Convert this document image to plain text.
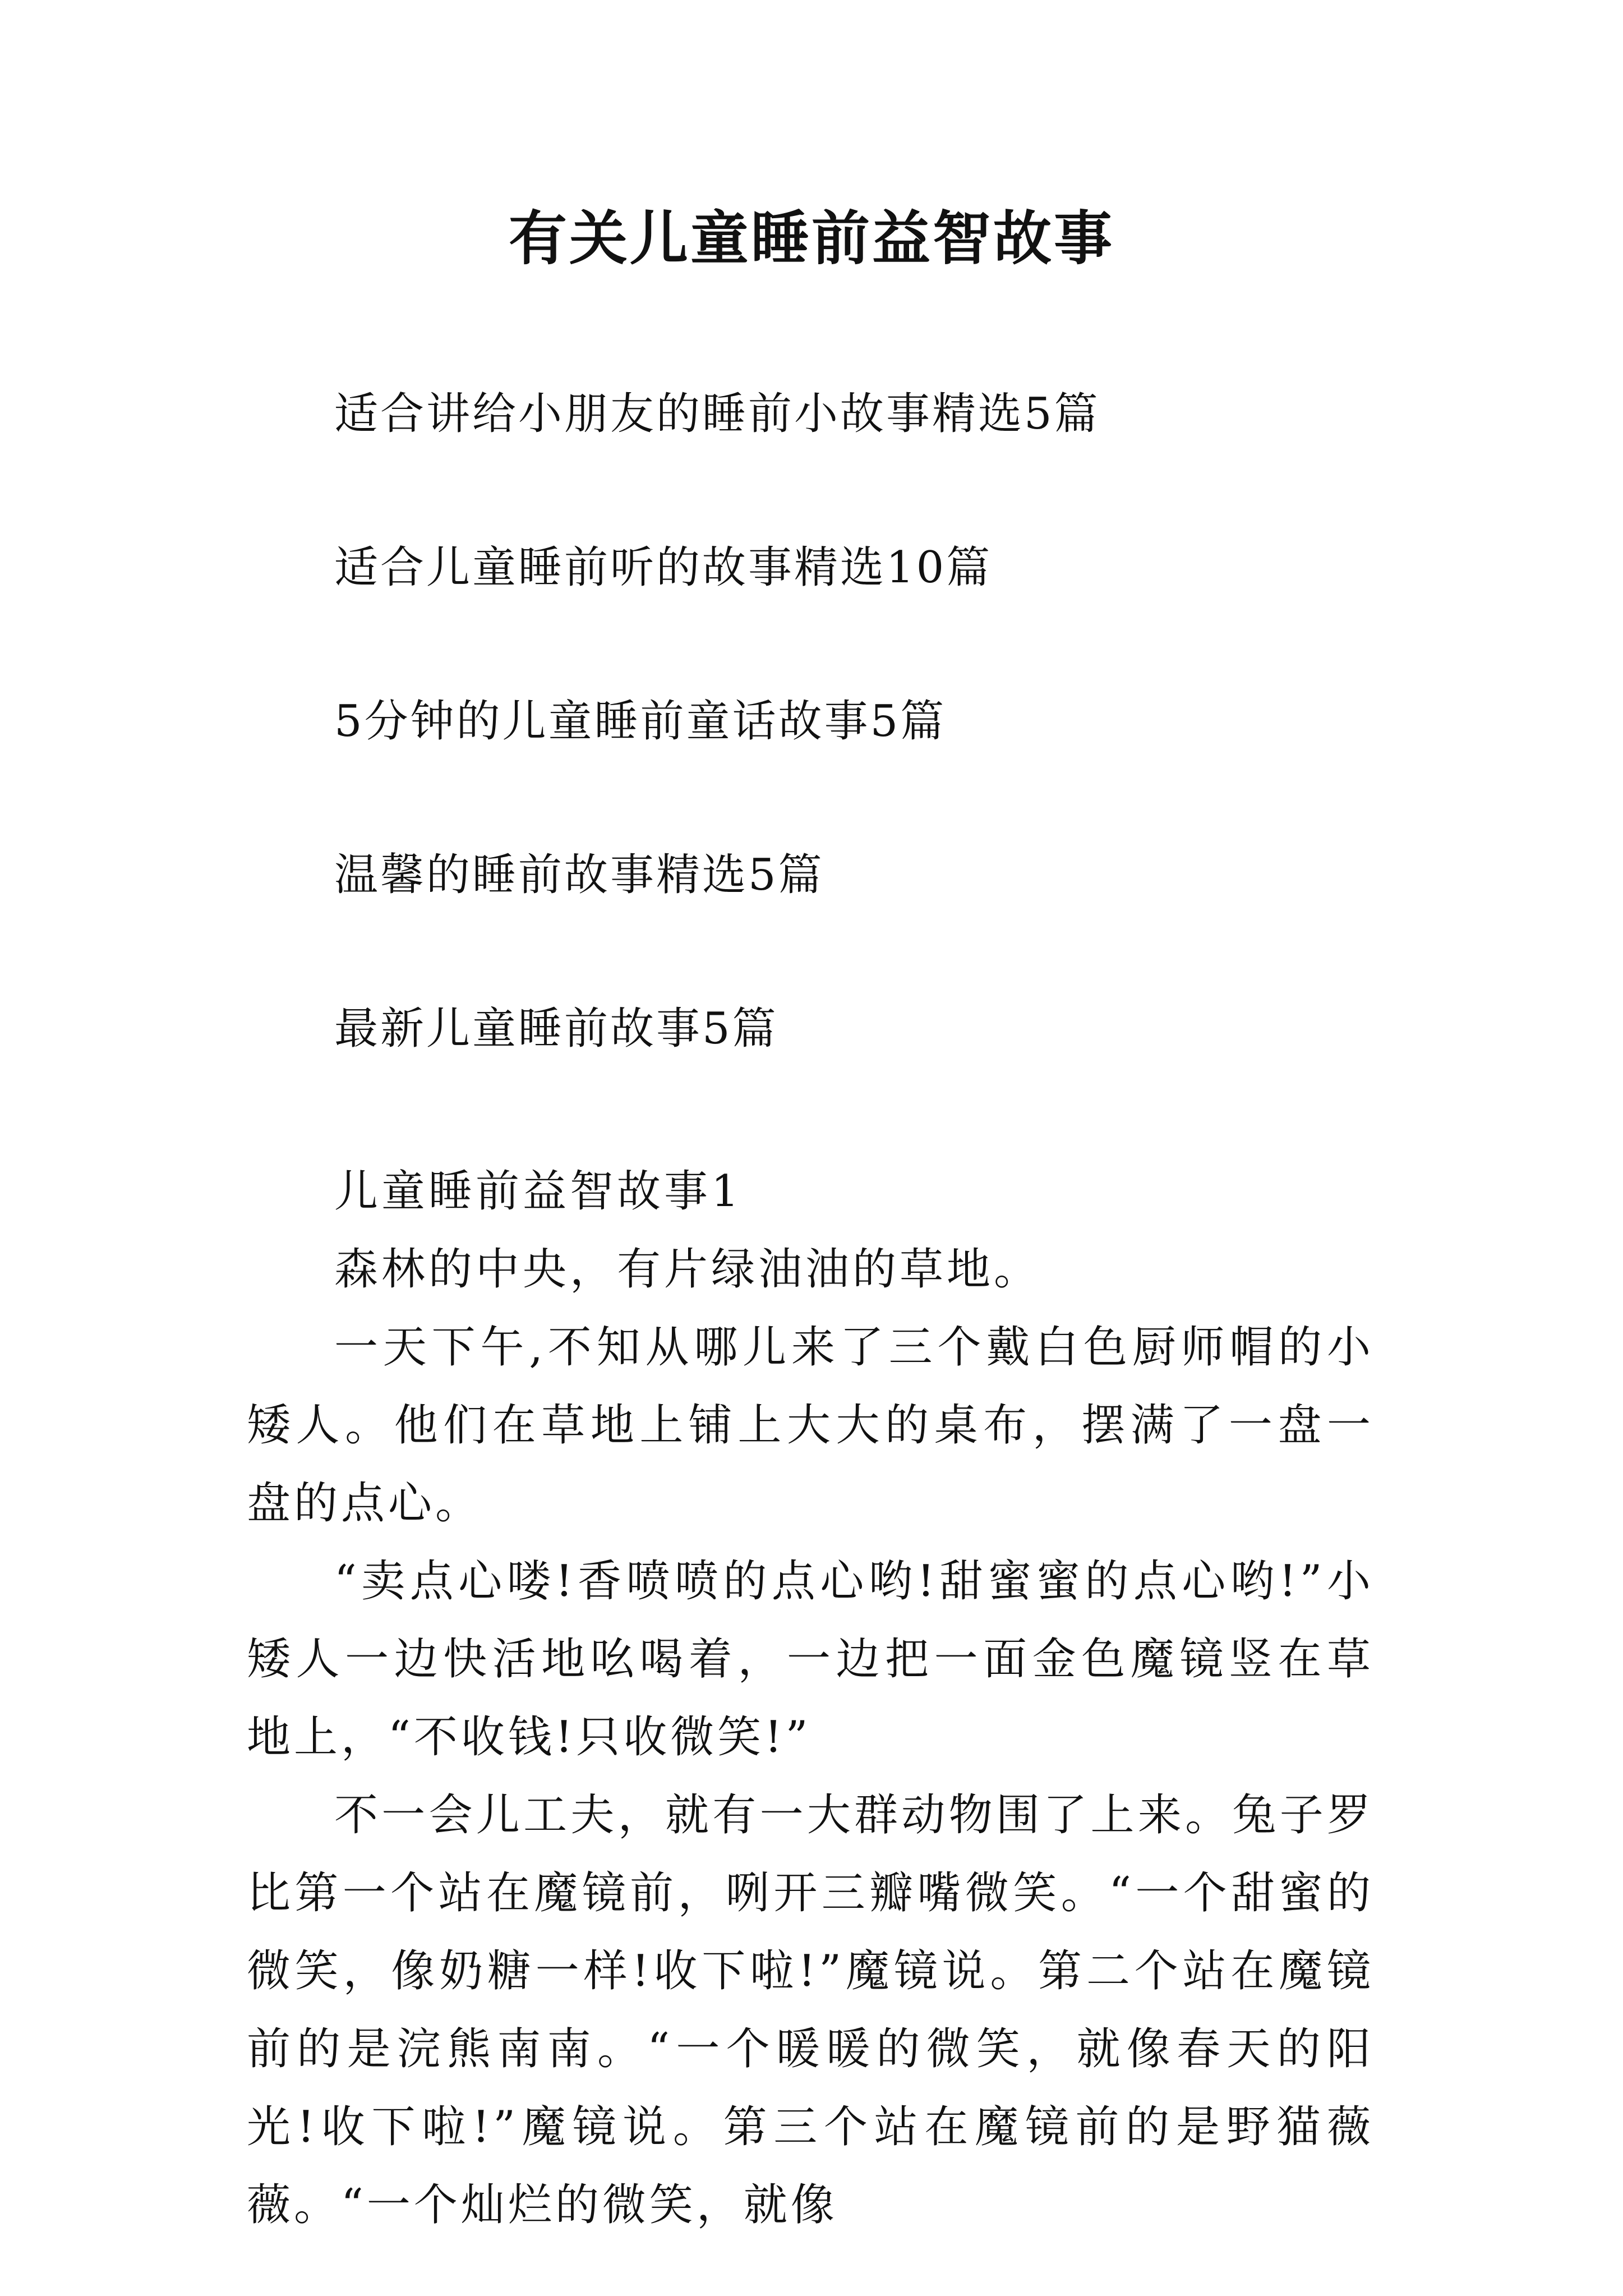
有关儿童睡前益智故事
适合讲给小朋友的睡前小故事精选5篇
适合儿童睡前听的故事精选10篇
5分钟的儿童睡前童话故事5篇
温馨的睡前故事精选5篇
最新儿童睡前故事5篇

儿童睡前益智故事1

森林的中央，有片绿油油的草地。

一天下午,不知从哪儿来了三个戴白色厨师帽的小矮人。他们在草地上铺上大大的桌布，摆满了一盘一盘的点心。

“卖点心喽!香喷喷的点心哟!甜蜜蜜的点心哟!”小矮人一边快活地吆喝着，一边把一面金色魔镜竖在草地上，“不收钱!只收微笑!”

不一会儿工夫，就有一大群动物围了上来。兔子罗比第一个站在魔镜前，咧开三瓣嘴微笑。“一个甜蜜的微笑，像奶糖一样!收下啦!”魔镜说。第二个站在魔镜前的是浣熊南南。“一个暖暖的微笑，就像春天的阳光!收下啦!”魔镜说。第三个站在魔镜前的是野猫薇薇。“一个灿烂的微笑，就像
